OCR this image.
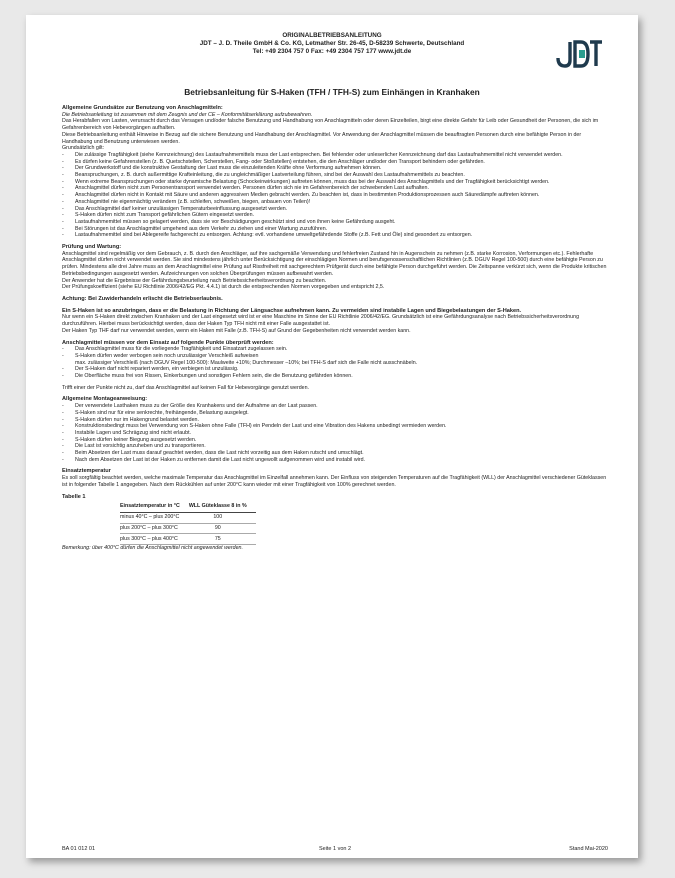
ORIGINALBETRIEBSANLEITUNG
JDT – J. D. Theile GmbH & Co. KG, Letmather Str. 26-45, D-58239 Schwerte, Deutschland
Tel: +49 2304 757 0 Fax: +49 2304 757 177 www.jdt.de
Betriebsanleitung für S-Haken (TFH / TFH-S) zum Einhängen in Kranhaken

Allgemeine Grundsätze zur Benutzung von Anschlagmitteln:

Die Betriebsanleitung ist zusammen mit dem Zeugnis und der CE – Konformitätserklärung aufzubewahren.

Das Herabfallen von Lasten, verursacht durch das Versagen und/oder falsche Benutzung und Handhabung von Anschlagmitteln oder deren Einzelteilen, birgt eine direkte Gefahr für Leib oder Gesundheit der Personen, die sich im Gefahrenbereich von Hebevorgängen aufhalten.

Diese Betriebsanleitung enthält Hinweise in Bezug auf die sichere Benutzung und Handhabung der Anschlagmittel. Vor Anwendung der Anschlagmittel müssen die beauftragten Personen durch eine befähigte Person in der Handhabung und Benutzung unterwiesen werden.

Grundsätzlich gilt:

- Die zulässige Tragfähigkeit (siehe Kennzeichnung) des Lastaufnahmemittels muss der Last entsprechen. Bei fehlender oder unleserlicher Kennzeichnung darf das Lastaufnahmemittel nicht verwendet werden.
- Es dürfen keine Gefahrenstellen (z. B. Quetschstellen, Scherstellen, Fang- oder Stoßstellen) entstehen, die den Anschläger und/oder den Transport behindern oder gefährden.
- Der Grundwerkstoff und die konstruktive Gestaltung der Last muss die einzuleitenden Kräfte ohne Verformung aufnehmen können.
- Beanspruchungen, z. B. durch außermittige Krafteinleitung, die zu ungleichmäßiger Lastverteilung führen, sind bei der Auswahl des Lastaufnahmemittels zu beachten.
- Wenn extreme Beanspruchungen oder starke dynamische Belastung (Schockeinwirkungen) auftreten können, muss das bei der Auswahl des Anschlagmittels und der Tragfähigkeit berücksichtigt werden.
- Anschlagmittel dürfen nicht zum Personentransport verwendet werden. Personen dürfen sich nie im Gefahrenbereich der schwebenden Last aufhalten.
- Anschlagmittel dürfen nicht in Kontakt mit Säure und anderen aggressiven Medien gebracht werden. Zu beachten ist, dass in bestimmten Produktionsprozessen auch Säuredämpfe auftreten können.
- Anschlagmittel nie eigenmächtig verändern (z.B. schleifen, schweißen, biegen, anbauen von Teilen)!
- Das Anschlagmittel darf keiner unzulässigen Temperaturbeeinflussung ausgesetzt werden.
- S-Haken dürfen nicht zum Transport gefährlichen Gütern eingesetzt werden.
- Lastaufnahmemittel müssen so gelagert werden, dass sie vor Beschädigungen geschützt sind und von ihnen keine Gefährdung ausgeht.
- Bei Störungen ist das Anschlagmittel umgehend aus dem Verkehr zu ziehen und einer Wartung zuzuführen.
- Lastaufnahmemittel sind bei Ablegereife fachgerecht zu entsorgen. Achtung: evtl. vorhandene umweltgefährdende Stoffe (z.B. Fett und Öle) sind gesondert zu entsorgen.

Prüfung und Wartung:

Anschlagmittel sind regelmäßig vor dem Gebrauch, z. B. durch den Anschläger, auf ihre sachgemäße Verwendung und fehlerfreien Zustand hin in Augenschein zu nehmen (z.B. starke Korrosion, Verformungen etc.). Fehlerhafte Anschlagmittel dürfen nicht verwendet werden. Sie sind mindestens jährlich unter Berücksichtigung der einschlägigen Normen und berufsgenossenschaftlichen Richtlinien (z.B. DGUV Regel 100-500) durch eine befähigte Person zu prüfen. Mindestens alle drei Jahre muss an dem Anschlagmittel eine Prüfung auf Rissfreiheit mit sachgerechtem Prüfgerät durch eine befähigte Person durchgeführt werden. Die Zeitspanne verkürzt sich, wenn die Produkte kritischen Betriebsbedingungen ausgesetzt werden. Aufzeichnungen von solchen Überprüfungen müssen aufbewahrt werden.

Der Anwender hat die Ergebnisse der Gefährdungsbeurteilung nach Betriebssicherheitsverordnung zu beachten.

Der Prüfungskoeffizient (siehe EU Richtlinie 2006/42/EG Pkt. 4.4.1) ist durch die entsprechenden Normen vorgegeben und entspricht 2,5.

Achtung: Bei Zuwiderhandeln erlischt die Betriebserlaubnis.

Ein S-Haken ist so anzubringen, dass er die Belastung in Richtung der Längsachse aufnehmen kann. Zu vermeiden sind instabile Lagen und Biegebelastungen der S-Haken.

Nur wenn ein S-Haken direkt zwischen Kranhaken und der Last eingesetzt wird ist er eine Maschine im Sinne der EU Richtlinie 2006/42/EG. Grundsätzlich ist eine Gefährdungsanalyse nach Betriebssicherheitsverordnung durchzuführen. Hierbei muss berücksichtigt werden, dass der Haken Typ TFH nicht mit einer Falle ausgestattet ist.

Der Haken Typ THF darf nur verwendet werden, wenn ein Haken mit Falle (z.B. TFH-S) auf Grund der Gegebenheiten nicht verwendet werden kann.

Anschlagmittel müssen vor dem Einsatz auf folgende Punkte überprüft werden:

- Das Anschlagmittel muss für die vorliegende Tragfähigkeit und Einsatzart zugelassen sein.
- S-Haken dürfen weder verbogen sein noch unzulässiger Verschleiß aufweisen
max. zulässiger Verschleiß (nach DGUV Regel 100-500): Maulweite +10%; Durchmesser –10%; bei TFH-S darf sich die Falle nicht ausschnäbeln.
- Der S-Haken darf nicht repariert werden, ein verbiegen ist unzulässig.
- Die Oberfläche muss frei von Rissen, Einkerbungen und sonstigen Fehlern sein, die die Benutzung gefährden können.

Trifft einer der Punkte nicht zu, darf das Anschlagmittel auf keinen Fall für Hebevorgänge genutzt werden.

Allgemeine Montageanweisung:

- Der verwendete Lasthaken muss zu der Größe des Kranhakens und der Aufnahme an der Last passen.
- S-Haken sind nur für eine senkrechte, freihängende, Belastung ausgelegt.
- S-Haken dürfen nur im Hakengrund belastet werden.
- Konstruktionsbedingt muss bei Verwendung von S-Haken ohne Falle (TFH) ein Pendeln der Last und eine Vibration des Hakens unbedingt vermieden werden.
- Instabile Lagen und Schrägzug sind nicht erlaubt.
- S-Haken dürfen keiner Biegung ausgesetzt werden.
- Die Last ist vorsichtig anzuheben und zu transportieren.
- Beim Absetzen der Last muss darauf geachtet werden, dass die Last nicht vorzeitig aus dem Haken rutscht und umschlägt.
- Nach dem Absetzen der Last ist der Haken zu entfernen damit die Last nicht ungewollt aufgenommen wird und instabil wird.

Einsatztemperatur

Es soll sorgfältig beachtet werden, welche maximale Temperatur das Anschlagmittel im Einzelfall annehmen kann. Der Einfluss von steigenden Temperaturen auf die Tragfähigkeit (WLL) der Anschlagmittel verschiedener Güteklassen ist in folgender Tabelle 1 angegeben. Nach dem Rückkühlen auf unter 200°C kann wieder mit einer Tragfähigkeit von 100% gerechnet werden.

Tabelle 1

Einsatztemperatur in °C	WLL Güteklasse 8 in %
minus 40°C – plus 200°C	100
plus 200°C – plus 300°C	90
plus 300°C – plus 400°C	75

Bemerkung: über 400°C dürfen die Anschlagmittel nicht angewendet werden.

BA 01 012 01	Seite 1 von 2	Stand Mai-2020
